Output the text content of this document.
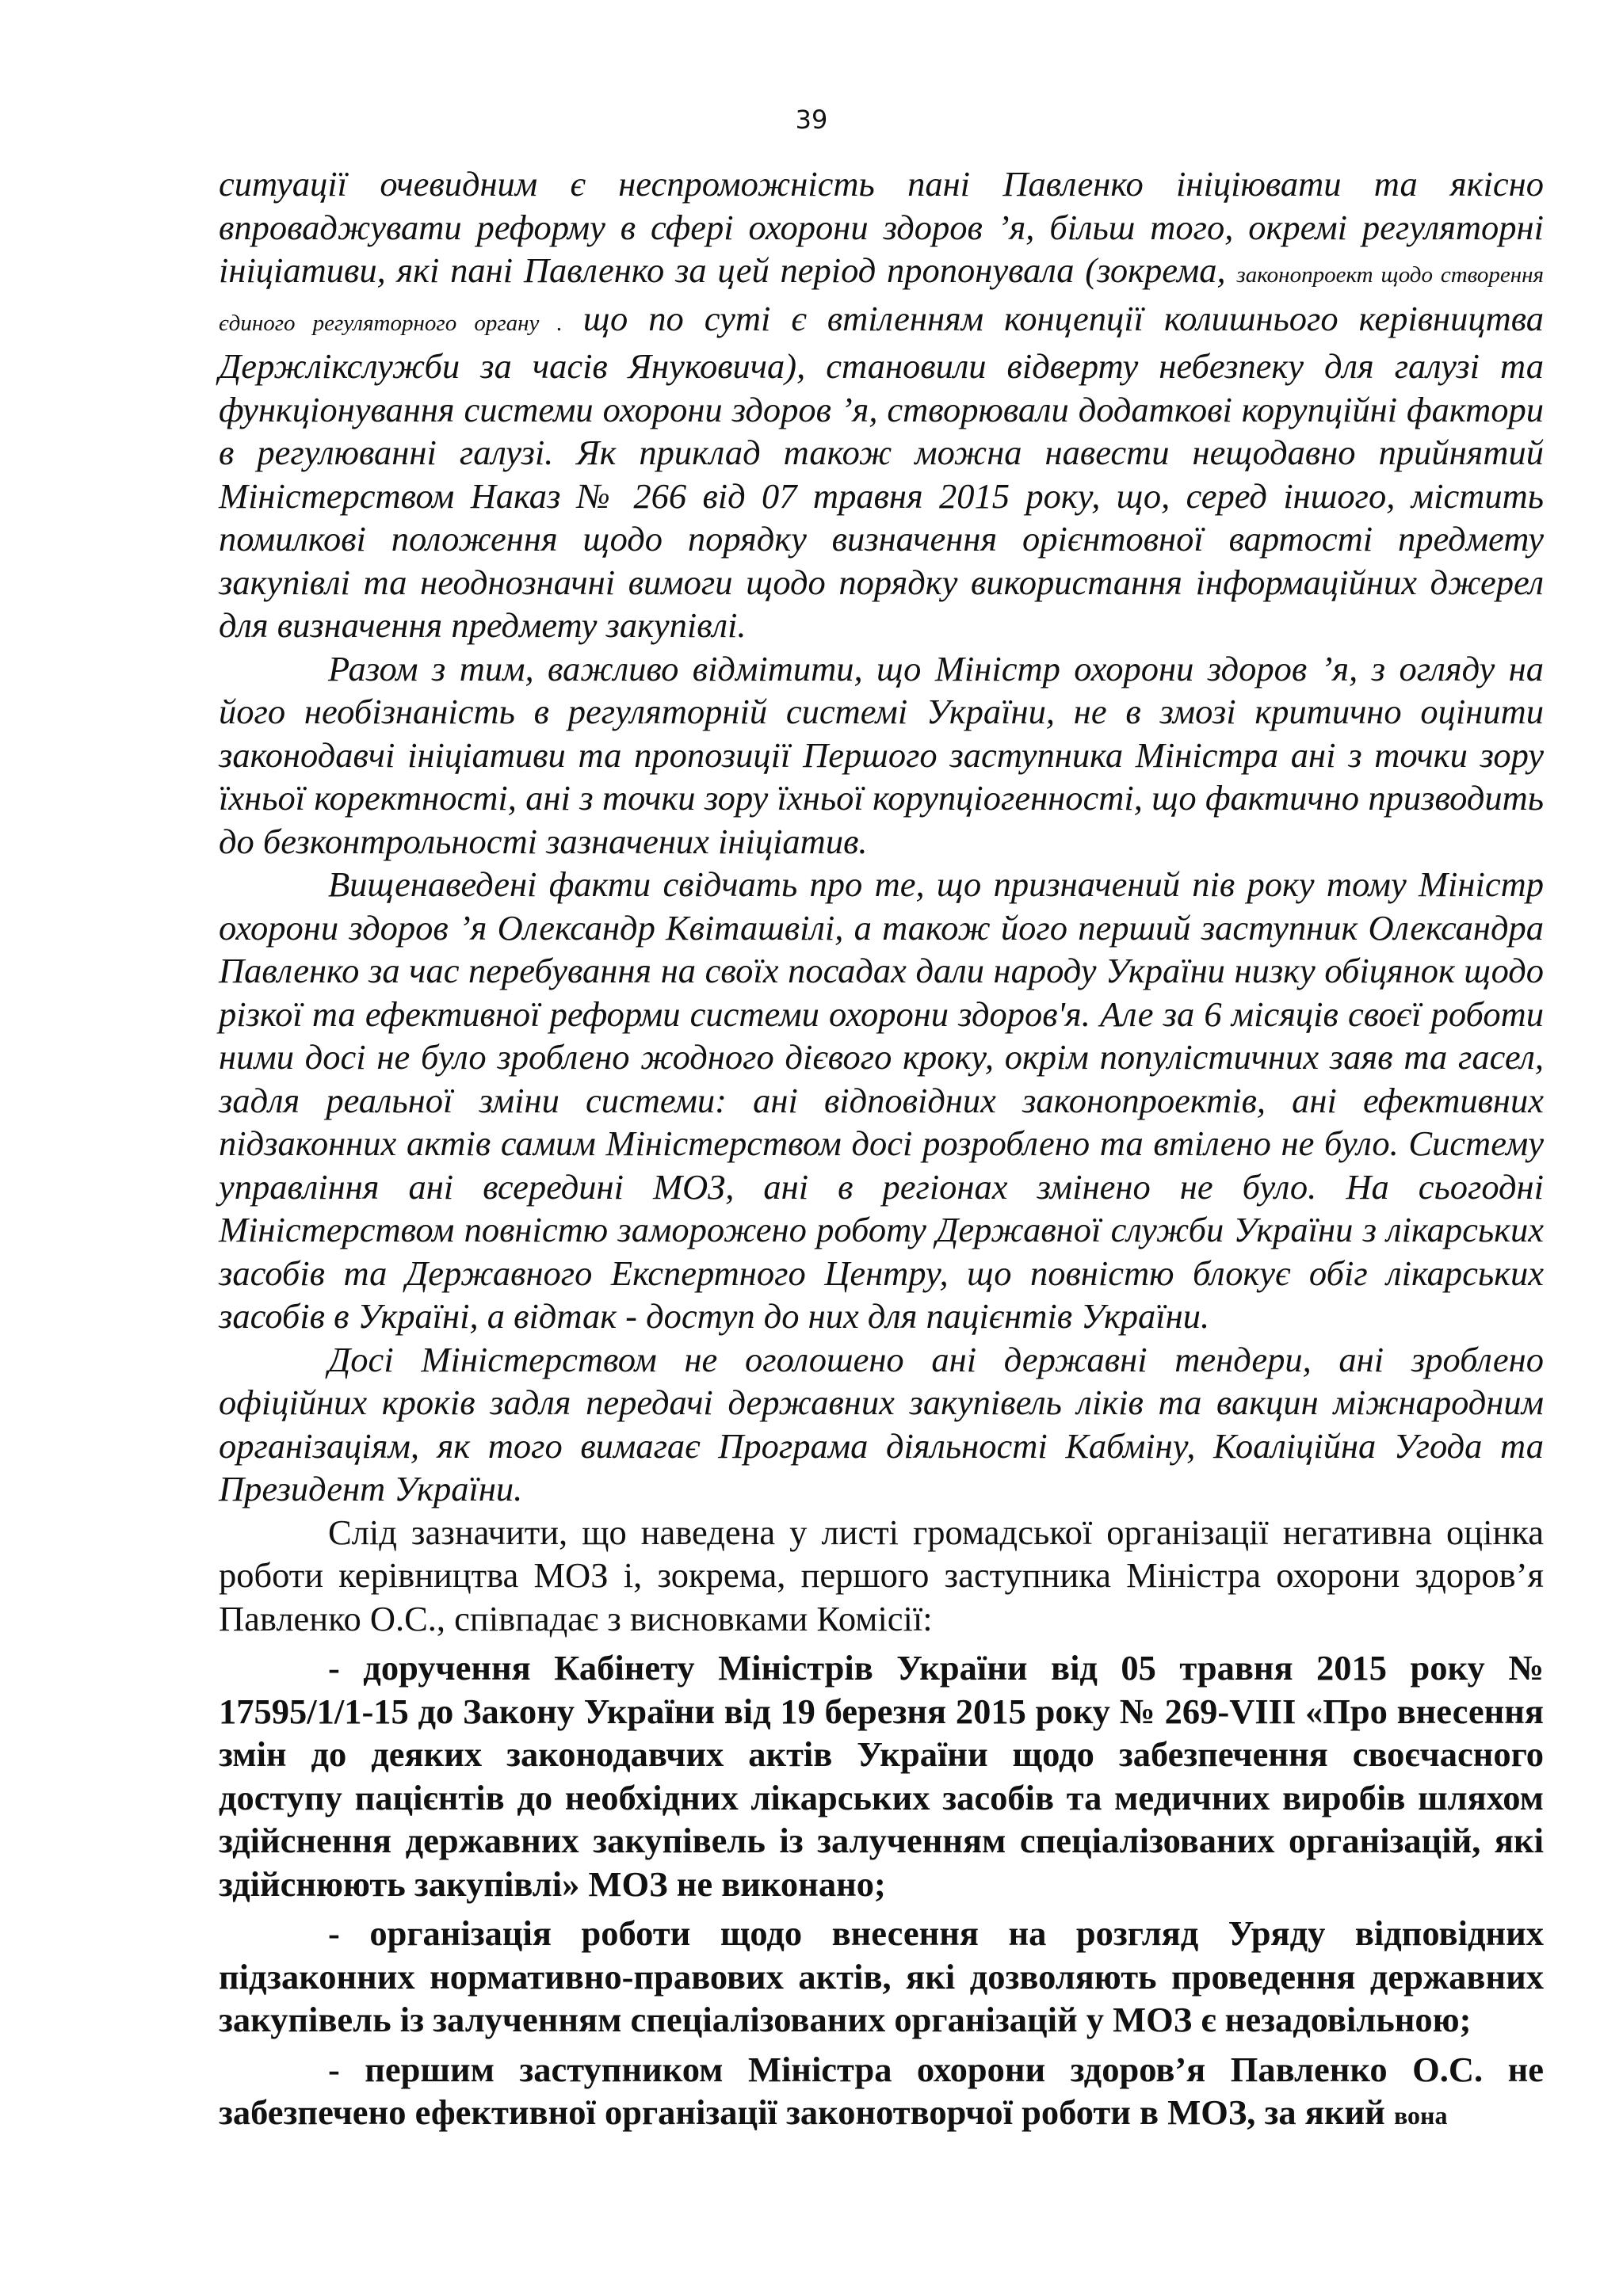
39

ситуації очевидним є неспроможність пані Павленко ініціювати та якісно впроваджувати реформу в сфері охорони здоров ’я, більш того, окремі регуляторні ініціативи, які пані Павленко за цей період пропонувала (зокрема, законопроект щодо створення єдиного регуляторного органу . що по суті є втіленням концепції колишнього керівництва Держлікслужби за часів Януковича), становили відверту небезпеку для галузі та функціонування системи охорони здоров ’я, створювали додаткові корупційні фактори в регулюванні галузі. Як приклад також можна навести нещодавно прийнятий Міністерством Наказ № 266 від 07 травня 2015 року, що, серед іншого, містить помилкові положення щодо порядку визначення орієнтовної вартості предмету закупівлі та неоднозначні вимоги щодо порядку використання інформаційних джерел для визначення предмету закупівлі.

Разом з тим, важливо відмітити, що Міністр охорони здоров ’я, з огляду на його необізнаність в регуляторній системі України, не в змозі критично оцінити законодавчі ініціативи та пропозиції Першого заступника Міністра ані з точки зору їхньої коректності, ані з точки зору їхньої корупціогенності, що фактично призводить до безконтрольності зазначених ініціатив.

Вищенаведені факти свідчать про те, що призначений пів року тому Міністр охорони здоров ’я Олександр Квіташвілі, а також його перший заступник Олександра Павленко за час перебування на своїх посадах дали народу України низку обіцянок щодо різкої та ефективної реформи системи охорони здоров'я. Але за 6 місяців своєї роботи ними досі не було зроблено жодного дієвого кроку, окрім популістичних заяв та гасел, задля реальної зміни системи: ані відповідних законопроектів, ані ефективних підзаконних актів самим Міністерством досі розроблено та втілено не було. Систему управління ані всередині МОЗ, ані в регіонах змінено не було. На сьогодні Міністерством повністю заморожено роботу Державної служби України з лікарських засобів та Державного Експертного Центру, що повністю блокує обіг лікарських засобів в Україні, а відтак - доступ до них для пацієнтів України.

Досі Міністерством не оголошено ані державні тендери, ані зроблено офіційних кроків задля передачі державних закупівель ліків та вакцин міжнародним організаціям, як того вимагає Програма діяльності Кабміну, Коаліційна Угода та Президент України.

Слід зазначити, що наведена у листі громадської організації негативна оцінка роботи керівництва МОЗ і, зокрема, першого заступника Міністра охорони здоров’я Павленко О.С., співпадає з висновками Комісії:

- доручення Кабінету Міністрів України від 05 травня 2015 року № 17595/1/1-15 до Закону України від 19 березня 2015 року № 269-VIII «Про внесення змін до деяких законодавчих актів України щодо забезпечення своєчасного доступу пацієнтів до необхідних лікарських засобів та медичних виробів шляхом здійснення державних закупівель із залученням спеціалізованих організацій, які здійснюють закупівлі» МОЗ не виконано;

- організація роботи щодо внесення на розгляд Уряду відповідних підзаконних нормативно-правових актів, які дозволяють проведення державних закупівель із залученням спеціалізованих організацій у МОЗ є незадовільною;

- першим заступником Міністра охорони здоров’я Павленко О.С. не забезпечено ефективної організації законотворчої роботи в МОЗ, за який вона
